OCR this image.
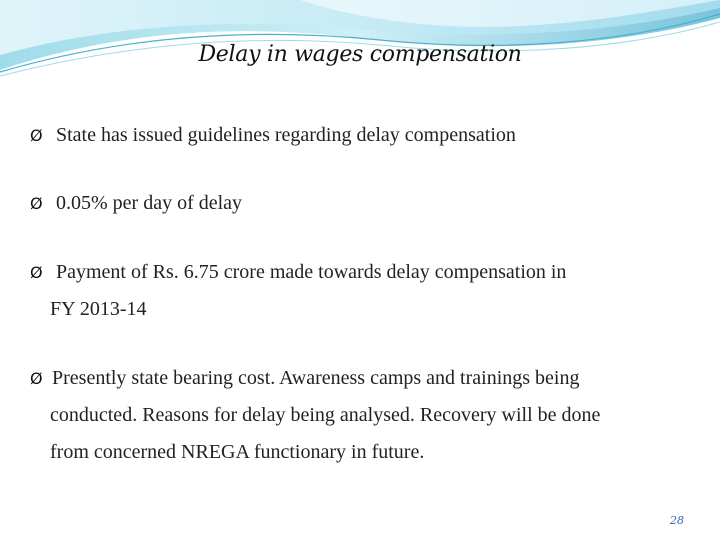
Delay in wages compensation
Ø State has issued guidelines regarding delay compensation
Ø 0.05% per day of delay
Ø Payment of Rs. 6.75 crore made towards delay compensation in
FY 2013-14
Ø Presently state bearing cost. Awareness camps and trainings being
conducted. Reasons for delay being analysed. Recovery will be done
from concerned NREGA functionary in future.
28
